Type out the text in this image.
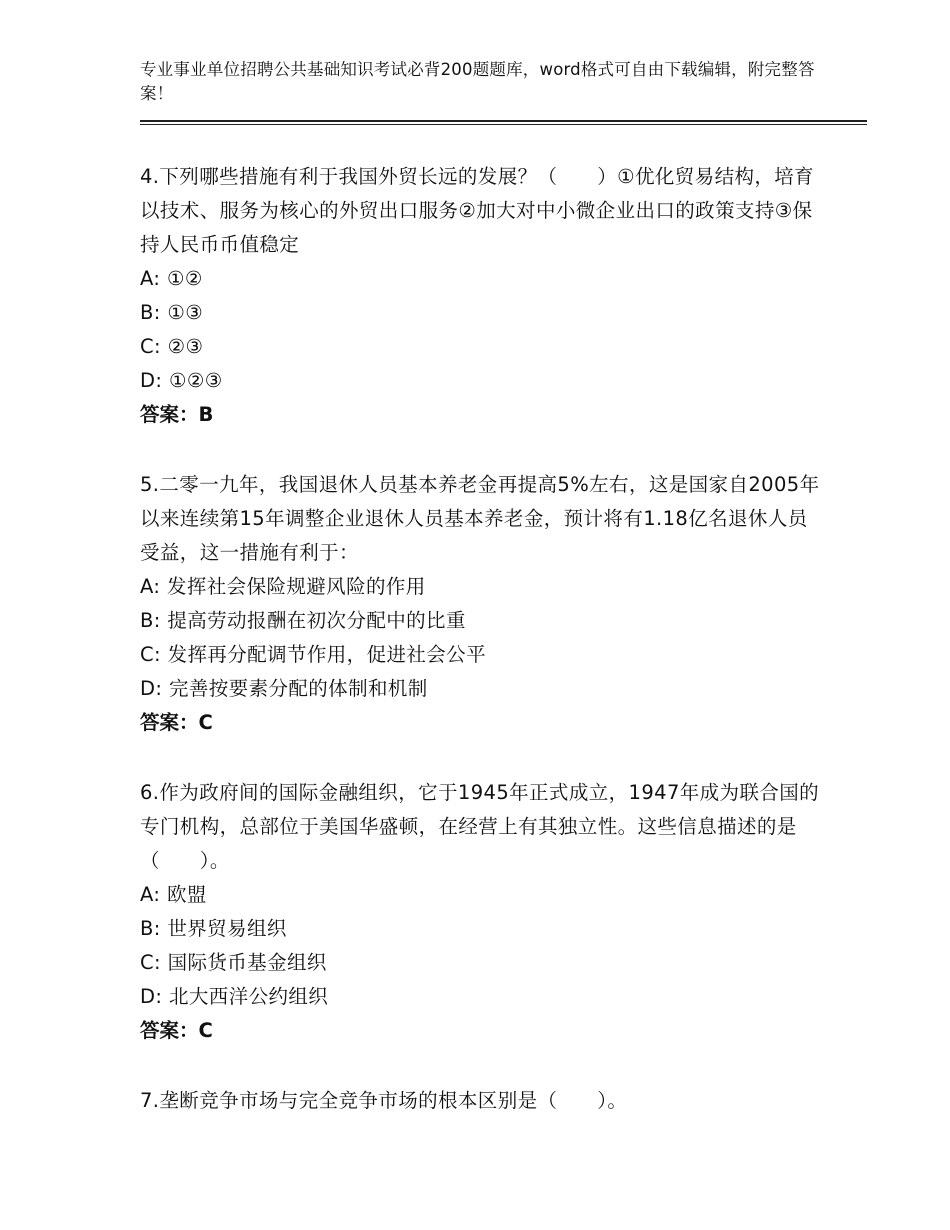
专业事业单位招聘公共基础知识考试必背200题题库，word格式可自由下载编辑，附完整答案！
4.下列哪些措施有利于我国外贸长远的发展？（　　）①优化贸易结构，培育以技术、服务为核心的外贸出口服务②加大对中小微企业出口的政策支持③保持人民币币值稳定
A: ①②
B: ①③
C: ②③
D: ①②③
答案：B
5.二零一九年，我国退休人员基本养老金再提高5%左右，这是国家自2005年以来连续第15年调整企业退休人员基本养老金，预计将有1.18亿名退休人员受益，这一措施有利于：
A: 发挥社会保险规避风险的作用
B: 提高劳动报酬在初次分配中的比重
C: 发挥再分配调节作用，促进社会公平
D: 完善按要素分配的体制和机制
答案：C
6.作为政府间的国际金融组织，它于1945年正式成立，1947年成为联合国的专门机构，总部位于美国华盛顿，在经营上有其独立性。这些信息描述的是（　　）。
A: 欧盟
B: 世界贸易组织
C: 国际货币基金组织
D: 北大西洋公约组织
答案：C
7.垄断竞争市场与完全竞争市场的根本区别是（　　）。
